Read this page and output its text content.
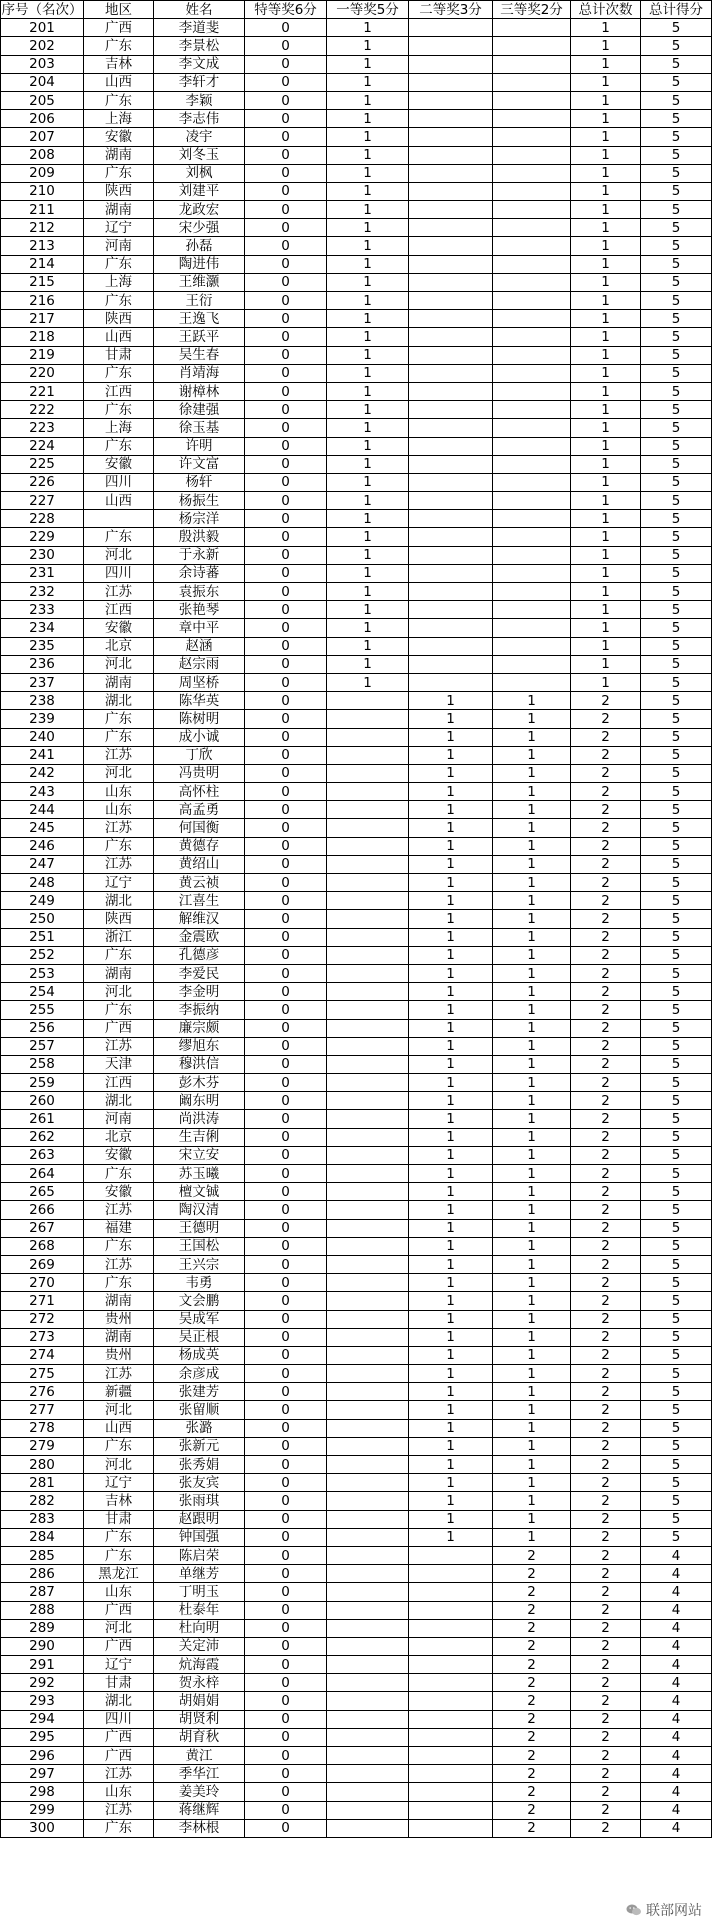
序号（名次）	地区	姓名	特等奖6分	一等奖5分	二等奖3分	三等奖2分	总计次数	总计得分
201	广西	李道斐	0	1			1	5
202	广东	李景松	0	1			1	5
203	吉林	李文成	0	1			1	5
204	山西	李轩才	0	1			1	5
205	广东	李颖	0	1			1	5
206	上海	李志伟	0	1			1	5
207	安徽	凌宇	0	1			1	5
208	湖南	刘冬玉	0	1			1	5
209	广东	刘枫	0	1			1	5
210	陕西	刘建平	0	1			1	5
211	湖南	龙政宏	0	1			1	5
212	辽宁	宋少强	0	1			1	5
213	河南	孙磊	0	1			1	5
214	广东	陶进伟	0	1			1	5
215	上海	王维灏	0	1			1	5
216	广东	王衍	0	1			1	5
217	陕西	王逸飞	0	1			1	5
218	山西	王跃平	0	1			1	5
219	甘肃	吴生春	0	1			1	5
220	广东	肖靖海	0	1			1	5
221	江西	谢樟林	0	1			1	5
222	广东	徐建强	0	1			1	5
223	上海	徐玉基	0	1			1	5
224	广东	许明	0	1			1	5
225	安徽	许文富	0	1			1	5
226	四川	杨轩	0	1			1	5
227	山西	杨振生	0	1			1	5
228		杨宗洋	0	1			1	5
229	广东	殷洪毅	0	1			1	5
230	河北	于永新	0	1			1	5
231	四川	余诗蕃	0	1			1	5
232	江苏	袁振东	0	1			1	5
233	江西	张艳琴	0	1			1	5
234	安徽	章中平	0	1			1	5
235	北京	赵涵	0	1			1	5
236	河北	赵宗雨	0	1			1	5
237	湖南	周坚桥	0	1			1	5
238	湖北	陈华英	0		1	1	2	5
239	广东	陈树明	0		1	1	2	5
240	广东	成小诚	0		1	1	2	5
241	江苏	丁欣	0		1	1	2	5
242	河北	冯贵明	0		1	1	2	5
243	山东	高怀柱	0		1	1	2	5
244	山东	高孟勇	0		1	1	2	5
245	江苏	何国衡	0		1	1	2	5
246	广东	黄德存	0		1	1	2	5
247	江苏	黄绍山	0		1	1	2	5
248	辽宁	黄云祯	0		1	1	2	5
249	湖北	江喜生	0		1	1	2	5
250	陕西	解维汉	0		1	1	2	5
251	浙江	金震欧	0		1	1	2	5
252	广东	孔德彦	0		1	1	2	5
253	湖南	李爱民	0		1	1	2	5
254	河北	李金明	0		1	1	2	5
255	广东	李振纳	0		1	1	2	5
256	广西	廉宗颇	0		1	1	2	5
257	江苏	缪旭东	0		1	1	2	5
258	天津	穆洪信	0		1	1	2	5
259	江西	彭木芬	0		1	1	2	5
260	湖北	阚东明	0		1	1	2	5
261	河南	尚洪涛	0		1	1	2	5
262	北京	生吉俐	0		1	1	2	5
263	安徽	宋立安	0		1	1	2	5
264	广东	苏玉曦	0		1	1	2	5
265	安徽	檀文铖	0		1	1	2	5
266	江苏	陶汉清	0		1	1	2	5
267	福建	王德明	0		1	1	2	5
268	广东	王国松	0		1	1	2	5
269	江苏	王兴宗	0		1	1	2	5
270	广东	韦勇	0		1	1	2	5
271	湖南	文会鹏	0		1	1	2	5
272	贵州	吴成军	0		1	1	2	5
273	湖南	吴正根	0		1	1	2	5
274	贵州	杨成英	0		1	1	2	5
275	江苏	余彦成	0		1	1	2	5
276	新疆	张建芳	0		1	1	2	5
277	河北	张留顺	0		1	1	2	5
278	山西	张潞	0		1	1	2	5
279	广东	张新元	0		1	1	2	5
280	河北	张秀娟	0		1	1	2	5
281	辽宁	张友宾	0		1	1	2	5
282	吉林	张雨琪	0		1	1	2	5
283	甘肃	赵跟明	0		1	1	2	5
284	广东	钟国强	0		1	1	2	5
285	广东	陈启荣	0			2	2	4
286	黑龙江	单继芳	0			2	2	4
287	山东	丁明玉	0			2	2	4
288	广西	杜泰年	0			2	2	4
289	河北	杜向明	0			2	2	4
290	广西	关定沛	0			2	2	4
291	辽宁	炕海霞	0			2	2	4
292	甘肃	贺永梓	0			2	2	4
293	湖北	胡娟娟	0			2	2	4
294	四川	胡贤利	0			2	2	4
295	广西	胡育秋	0			2	2	4
296	广西	黄江	0			2	2	4
297	江苏	季华江	0			2	2	4
298	山东	姜美玲	0			2	2	4
299	江苏	蒋继辉	0			2	2	4
300	广东	李林根	0			2	2	4
联部网站
